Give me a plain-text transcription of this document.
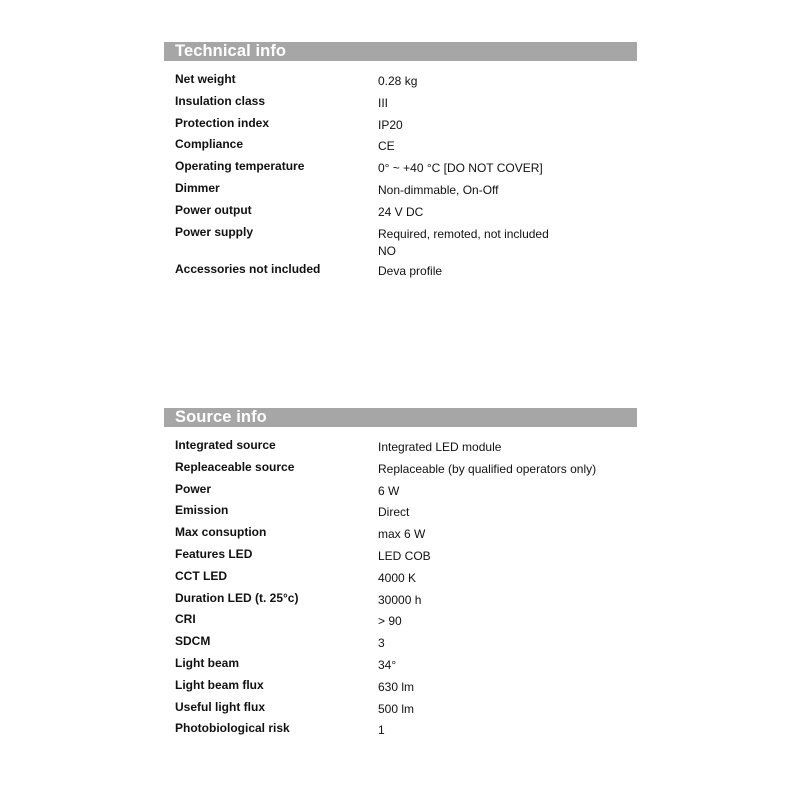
Technical info
Net weight	0.28 kg
Insulation class	III
Protection index	IP20
Compliance	CE
Operating temperature	0° ~ +40 °C [DO NOT COVER]
Dimmer	Non-dimmable, On-Off
Power output	24 V DC
Power supply	Required, remoted, not included
NO
Accessories not included	Deva profile
Source info
Integrated source	Integrated LED module
Repleaceable source	Replaceable (by qualified operators only)
Power	6 W
Emission	Direct
Max consuption	max 6 W
Features LED	LED COB
CCT LED	4000 K
Duration LED (t. 25°c)	30000 h
CRI	> 90
SDCM	3
Light beam	34°
Light beam flux	630 lm
Useful light flux	500 lm
Photobiological risk	1
